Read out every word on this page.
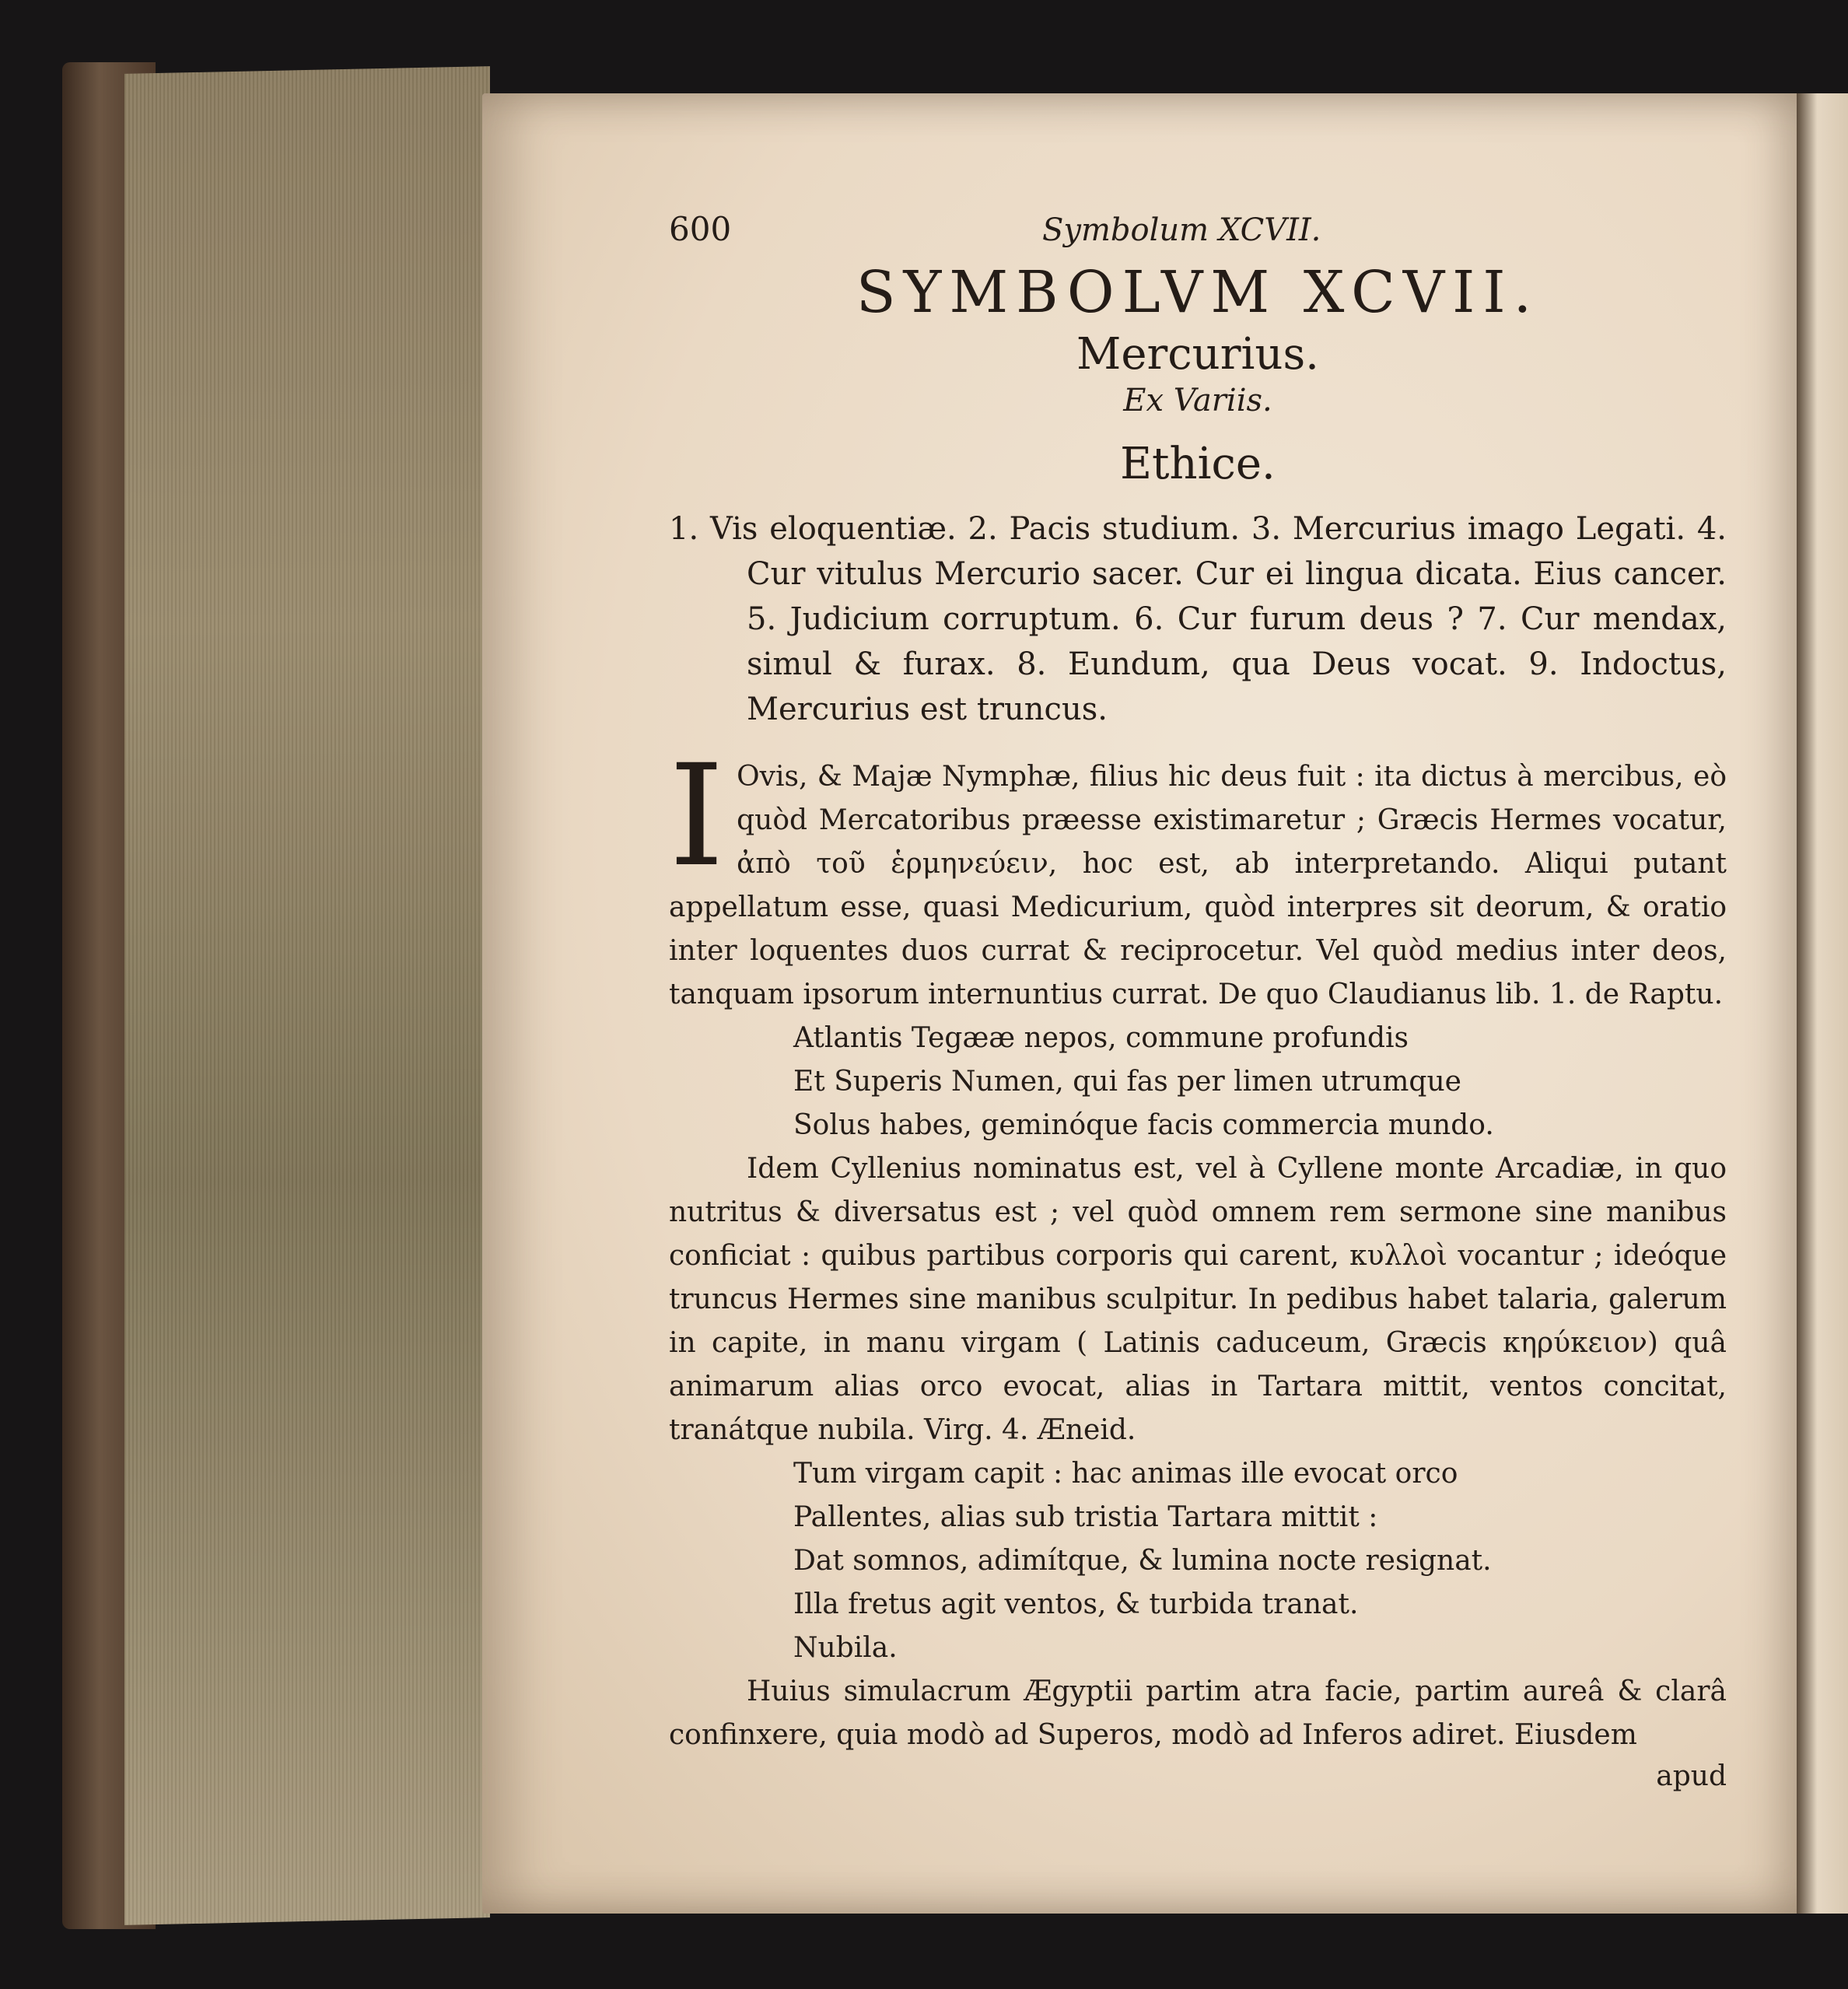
600	Symbolum XCVII.
SYMBOLVM XCVII.
Mercurius.
Ex Variis.
Ethice.
1. Vis eloquentiæ. 2. Pacis studium. 3. Mercurius imago Legati. 4. Cur vitulus Mercurio sacer. Cur ei lingua dicata. Eius cancer. 5. Judicium corruptum. 6. Cur furum deus ? 7. Cur mendax, simul & furax. 8. Eundum, qua Deus vocat. 9. Indoctus, Mercurius est truncus.

I Ovis, & Majæ Nymphæ, filius hic deus fuit : ita dictus à mercibus, eò quòd Mercatoribus præesse existimaretur ; Græcis Hermes vocatur, ἀπὸ τοῦ ἑρμηνεύειν, hoc est, ab interpretando. Aliqui putant appellatum esse, quasi Medicurium, quòd interpres sit deorum, & oratio inter loquentes duos currat & reciprocetur. Vel quòd medius inter deos, tanquam ipsorum internuntius currat. De quo Claudianus lib. 1. de Raptu.

Atlantis Tegææ nepos, commune profundis
Et Superis Numen, qui fas per limen utrumque
Solus habes, geminóque facis commercia mundo.

Idem Cyllenius nominatus est, vel à Cyllene monte Arcadiæ, in quo nutritus & diversatus est ; vel quòd omnem rem sermone sine manibus conficiat : quibus partibus corporis qui carent, κυλλοὶ vocantur ; ideóque truncus Hermes sine manibus sculpitur. In pedibus habet talaria, galerum in capite, in manu virgam ( Latinis caduceum, Græcis κηρύκειον) quâ animarum alias orco evocat, alias in Tartara mittit, ventos concitat, tranátque nubila. Virg. 4. Æneid.

Tum virgam capit : hac animas ille evocat orco
Pallentes, alias sub tristia Tartara mittit :
Dat somnos, adimítque, & lumina nocte resignat.
Illa fretus agit ventos, & turbida tranat.
Nubila.

Huius simulacrum Ægyptii partim atra facie, partim aureâ & clarâ confinxere, quia modò ad Superos, modò ad Inferos adiret. Eiusdem

apud
